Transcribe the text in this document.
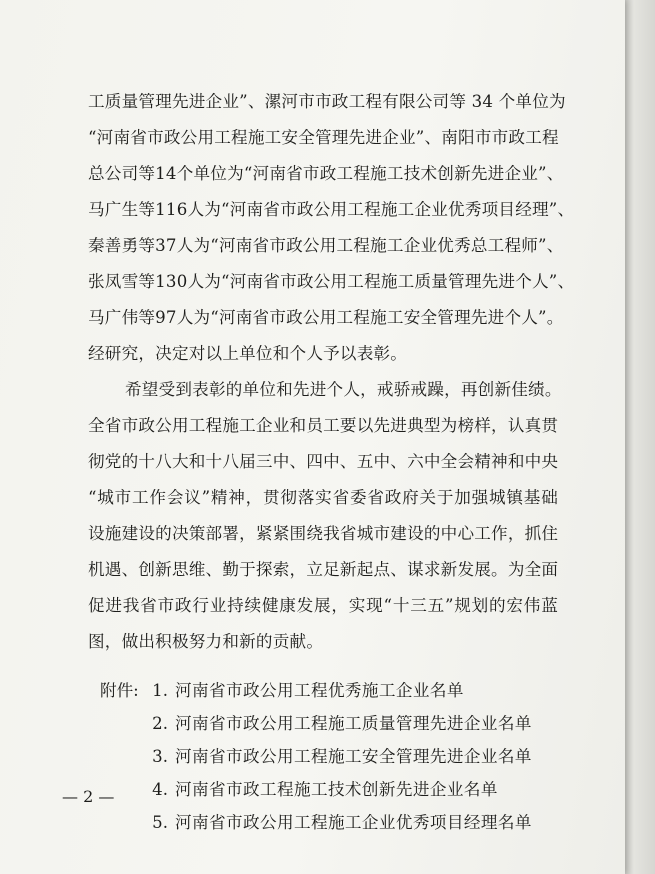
工质量管理先进企业”、漯河市市政工程有限公司等 34 个单位为
“河南省市政公用工程施工安全管理先进企业”、南阳市市政工程
总公司等14个单位为“河南省市政工程施工技术创新先进企业”、
马广生等116人为“河南省市政公用工程施工企业优秀项目经理”、
秦善勇等37人为“河南省市政公用工程施工企业优秀总工程师”、
张凤雪等130人为“河南省市政公用工程施工质量管理先进个人”、
马广伟等97人为“河南省市政公用工程施工安全管理先进个人”。
经研究，决定对以上单位和个人予以表彰。
希望受到表彰的单位和先进个人，戒骄戒躁，再创新佳绩。
全省市政公用工程施工企业和员工要以先进典型为榜样，认真贯
彻党的十八大和十八届三中、四中、五中、六中全会精神和中央
“城市工作会议”精神，贯彻落实省委省政府关于加强城镇基础
设施建设的决策部署，紧紧围绕我省城市建设的中心工作，抓住
机遇、创新思维、勤于探索，立足新起点、谋求新发展。为全面
促进我省市政行业持续健康发展，实现“十三五”规划的宏伟蓝
图，做出积极努力和新的贡献。
附件: 1. 河南省市政公用工程优秀施工企业名单
2. 河南省市政公用工程施工质量管理先进企业名单
3. 河南省市政公用工程施工安全管理先进企业名单
4. 河南省市政工程施工技术创新先进企业名单
5. 河南省市政公用工程施工企业优秀项目经理名单
— 2 —
